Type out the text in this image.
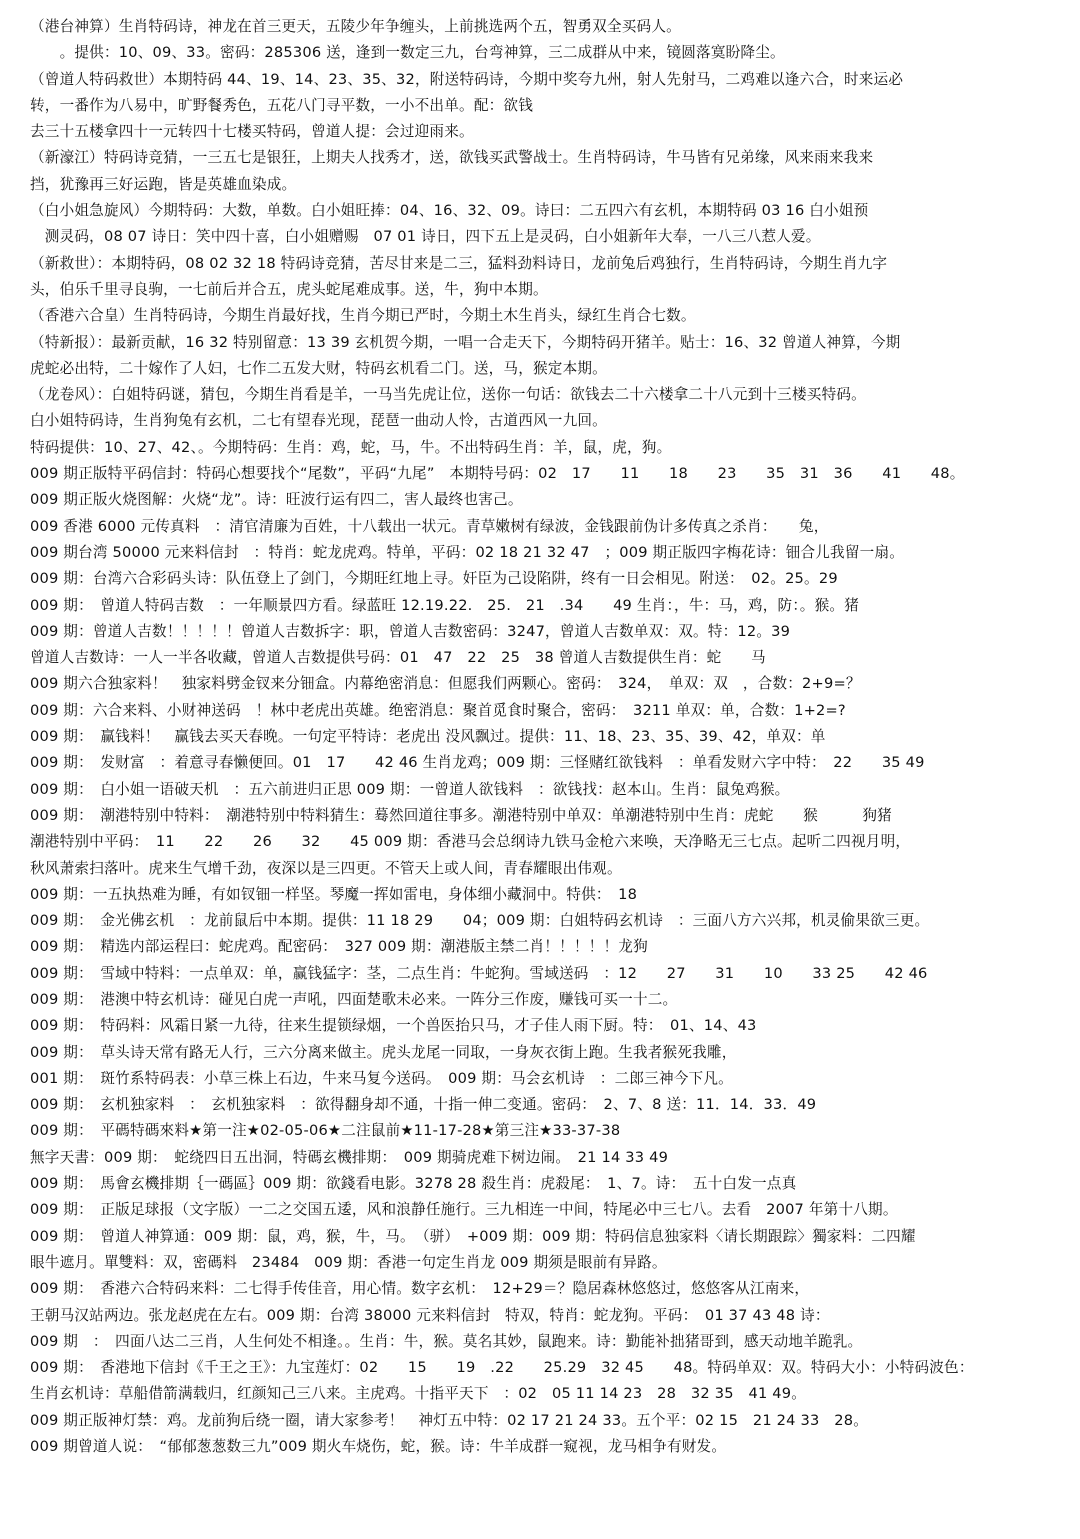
（港台神算）生肖特码诗，神龙在首三更天，五陵少年争缠头，上前挑选两个五，智勇双全买码人。

　　。提供：10、09、33。密码：285306 送，逢到一数定三九，台弯神算，三二成群从中来，镜圆落寞盼降尘。

（曾道人特码救世）本期特码 44、19、14、23、35、32，附送特码诗，今期中奖夸九州，射人先射马，二鸡难以逢六合，时来运必

转，一番作为八易中，旷野餐秀色，五花八门寻平数，一小不出单。配：欲钱

去三十五楼拿四十一元转四十七楼买特码，曾道人提：会过迎雨来。

（新濠江）特码诗竞猜，一三五七是银狂，上期夫人找秀才，送，欲钱买武警战士。生肖特码诗，牛马皆有兄弟缘，风来雨来我来

挡，犹豫再三好运跑，皆是英雄血染成。

（白小姐急旋风）今期特码：大数，单数。白小姐旺捧：04、16、32、09。诗曰：二五四六有玄机，本期特码 03 16 白小姐预

　测灵码，08 07 诗日：笑中四十喜，白小姐赠赐　07 01 诗日，四下五上是灵码，白小姐新年大奉，一八三八惹人爱。

（新救世）：本期特码，08 02 32 18 特码诗竞猜，苦尽甘来是二三，猛料劲料诗日，龙前兔后鸡独行，生肖特码诗，今期生肖九字

头，伯乐千里寻良驹，一七前后并合五，虎头蛇尾难成事。送，牛，狗中本期。

（香港六合皇）生肖特码诗，今期生肖最好找，生肖今期已严时，今期土木生肖头，绿红生肖合七数。

（特新报）：最新贡献，16 32 特别留意：13 39 玄机贺今期，一唱一合走天下，今期特码开猪羊。贴士：16、32 曾道人神算，今期

虎蛇必出特，二十嫁作了人妇，七作二五发大财，特码玄机看二门。送，马，猴定本期。

（龙卷风）：白姐特码谜，猜包，今期生肖看是羊，一马当先虎让位，送你一句话：欲钱去二十六楼拿二十八元到十三楼买特码。

白小姐特码诗，生肖狗兔有玄机，二七有望春光现，琵琶一曲动人怜，古道西风一九回。

特码提供：10、27、42、。今期特码：生肖：鸡，蛇，马，牛。不出特码生肖：羊，鼠，虎，狗。

009 期正版特平码信封：特码心想要找个“尾数”，平码“九尾”　本期特号码：02　17　　11　　18　　23　　35　31　36　　41　　48。

009 期正版火烧图解：火烧“龙”。诗：旺波行运有四二，害人最终也害己。

009 香港 6000 元传真料　：清官清廉为百姓，十八载出一状元。青草嫩树有绿波，金钱跟前伪计多传真之杀肖：　　兔，

009 期台湾 50000 元来料信封　：特肖：蛇龙虎鸡。特单，平码：02 18 21 32 47　；009 期正版四字梅花诗：钿合儿我留一扇。

009 期：台湾六合彩码头诗：队伍登上了剑门，今期旺红地上寻。奸臣为己设陷阱，终有一日会相见。附送：　02。25。29

009 期：　曾道人特码吉数　：一年顺景四方看。绿蓝旺 12.19.22.　25.　21　.34　　49 生肖：，牛：马，鸡，防：。猴。猪

009 期：曾道人吉数！！！！！曾道人吉数拆字：职，曾道人吉数密码：3247，曾道人吉数单双：双。特：12。39

曾道人吉数诗：一人一半各收藏，曾道人吉数提供号码：01　47　22　25　38 曾道人吉数提供生肖：蛇　　马

009 期六合独家料！　独家料劈金钗来分钿盒。内幕绝密消息：但愿我们两颗心。密码：　324，　单双：双　，合数：2+9=？

009 期：六合来料、小财神送码　！林中老虎出英雄。绝密消息：聚首觅食时聚合，密码：　3211 单双：单，合数：1+2=?

009 期：　赢钱料！　赢钱去买天春晚。一句定平特诗：老虎出 没风飘过。提供：11、18、23、35、39、42，单双：单

009 期：　发财富　：着意寻春懒便回。01　17　　42 46 生肖龙鸡；009 期：三怪赌红欲钱料　：单看发财六字中特：　22　　35 49

009 期：　白小姐一语破天机　：五六前进归正思 009 期：一曾道人欲钱料　：欲钱找：赵本山。生肖：鼠兔鸡猴。

009 期：　潮港特别中特料：　潮港特别中特料猜生：蓦然回道往事多。潮港特别中单双：单潮港特别中生肖：虎蛇　　猴　　　狗猪

潮港特别中平码：　11　　22　　26　　32　　45 009 期：香港马会总纲诗九铁马金枪六来唤，天净略无三七点。起听二四视月明，

秋风萧索扫落叶。虎来生气增千劲，夜深以是三四更。不管天上或人间，青春耀眼出伟观。

009 期：一五执热难为睡，有如钗钿一样坚。琴魔一挥如雷电，身体细小藏洞中。特供：　18

009 期：　金光佛玄机　：龙前鼠后中本期。提供：11 18 29　　04；009 期：白姐特码玄机诗　：三面八方六兴邦，机灵偷果欲三更。

009 期：　精选内部运程曰：蛇虎鸡。配密码：　327 009 期：潮港版主禁二肖！！！！！龙狗

009 期：　雪域中特料：一点单双：单，赢钱猛字：茎，二点生肖：牛蛇狗。雪域送码　：12　　27　　31　　10　　33 25　　42 46

009 期：　港澳中特玄机诗：碰见白虎一声吼，四面楚歌未必来。一阵分三作废，赚钱可买一十二。

009 期：　特码料：风霜日紧一九待，往来生提锁绿烟，一个兽医抬只马，才子佳人雨下厨。特：　01、14、43

009 期：　草头诗天常有路无人行，三六分离来做主。虎头龙尾一同取，一身灰衣街上跑。生我者猴死我雕，

001 期：　斑竹系特码表：小草三株上石边，牛来马复今送码。　009 期：马会玄机诗　：二郎三神今下凡。

009 期：　玄机独家料　：　玄机独家料　：欲得翻身却不通，十指一伸二变通。密码：　2、7、8 送：11．14．33．49

009 期：　平碼特碼來料★第一注★02-05-06★二注鼠前★11-17-28★第三注★33-37-38

無字天書：009 期：　蛇绕四日五出洞，特碼玄機排期：　009 期骑虎难下树边闹。　21 14 33 49

009 期：　馬會玄機排期｛一碼區｝009 期：欲錢看电影。3278 28 殺生肖：虎殺尾：　1、7。诗：　五十白发一点真

009 期：　正版足球报（文字版）一二之交国五逶，风和浪静任施行。三九相连一中间，特尾必中三七八。去看　2007 年第十八期。

009 期：　曾道人神算通：009 期：鼠，鸡，猴，牛，马。　（骈）　+009 期：009 期：特码信息独家料〈请长期跟踪〉獨家料：二四耀

眼牛遮月。單雙料：双，密碼料　23484　009 期：香港一句定生肖龙 009 期须是眼前有异路。

009 期：　香港六合特码来料：二七得手传佳音，用心情。数字玄机：　12+29＝？隐居森林悠悠过，悠悠客从江南来，

王朝马汉站两边。张龙赵虎在左右。009 期：台湾 38000 元来料信封　特双，特肖：蛇龙狗。平码：　01 37 43 48 诗：

009 期　：　四面八达二三肖，人生何处不相逢。。生肖：牛，猴。莫名其妙，鼠跑来。诗：勤能补拙猪哥到，感天动地羊跪乳。

009 期：　香港地下信封《千王之王》：九宝莲灯：02　　15　　19　.22　　25.29　32 45　　48。特码单双：双。特码大小：小特码波色：

生肖玄机诗：草船借箭满载归，红颜知己三八来。主虎鸡。十指平天下　：02　05 11 14 23　28　32 35　41 49。

009 期正版神灯禁：鸡。龙前狗后绕一圈，请大家参考！　神灯五中特：02 17 21 24 33。五个平：02 15　21 24 33　28。

009 期曾道人说：　“郁郁葱葱数三九”009 期火车烧伤，蛇，猴。诗：牛羊成群一窥视，龙马相争有财发。
